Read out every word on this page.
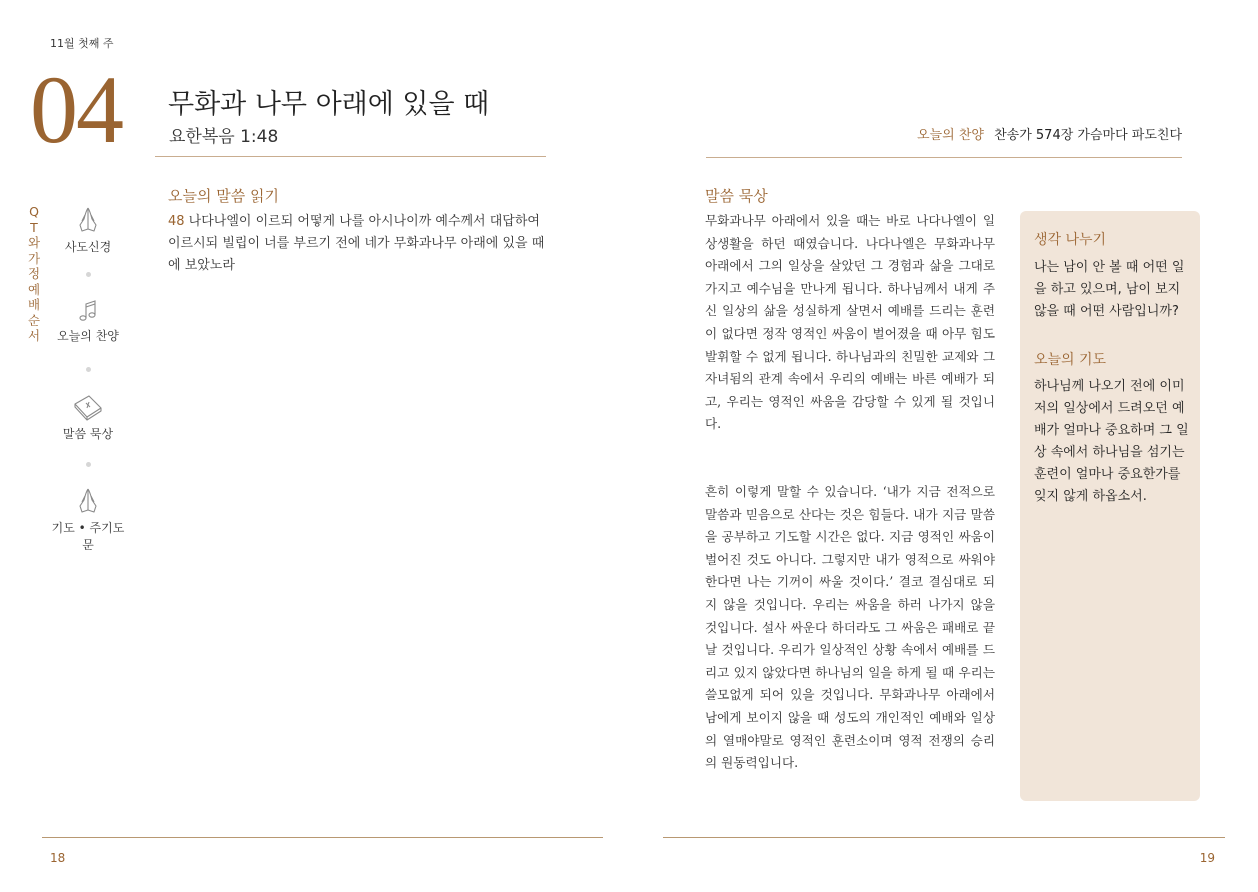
11월 첫째 주
04 무화과 나무 아래에 있을 때
요한복음 1:48	오늘의 찬양 찬송가 574장 가슴마다 파도친다
QT와 가정예배 순서
사도신경
오늘의 찬양
말씀 묵상
기도 • 주기도문
오늘의 말씀 읽기
48 나다나엘이 이르되 어떻게 나를 아시나이까 예수께서 대답하여 이르시되 빌립이 너를 부르기 전에 네가 무화과나무 아래에 있을 때에 보았노라
말씀 묵상
무화과나무 아래에서 있을 때는 바로 나다나엘이 일상생활을 하던 때였습니다. 나다나엘은 무화과나무 아래에서 그의 일상을 살았던 그 경험과 삶을 그대로 가지고 예수님을 만나게 됩니다. 하나님께서 내게 주신 일상의 삶을 성실하게 살면서 예배를 드리는 훈련이 없다면 정작 영적인 싸움이 벌어졌을 때 아무 힘도 발휘할 수 없게 됩니다. 하나님과의 친밀한 교제와 그 자녀됨의 관계 속에서 우리의 예배는 바른 예배가 되고, 우리는 영적인 싸움을 감당할 수 있게 될 것입니다.
흔히 이렇게 말할 수 있습니다. ‘내가 지금 전적으로 말씀과 믿음으로 산다는 것은 힘들다. 내가 지금 말씀을 공부하고 기도할 시간은 없다. 지금 영적인 싸움이 벌어진 것도 아니다. 그렇지만 내가 영적으로 싸워야 한다면 나는 기꺼이 싸울 것이다.’ 결코 결심대로 되지 않을 것입니다. 우리는 싸움을 하러 나가지 않을 것입니다. 설사 싸운다 하더라도 그 싸움은 패배로 끝날 것입니다. 우리가 일상적인 상황 속에서 예배를 드리고 있지 않았다면 하나님의 일을 하게 될 때 우리는 쓸모없게 되어 있을 것입니다. 무화과나무 아래에서 남에게 보이지 않을 때 성도의 개인적인 예배와 일상의 열매야말로 영적인 훈련소이며 영적 전쟁의 승리의 원동력입니다.
생각 나누기
나는 남이 안 볼 때 어떤 일을 하고 있으며, 남이 보지 않을 때 어떤 사람입니까?
오늘의 기도
하나님께 나오기 전에 이미 저의 일상에서 드려오던 예배가 얼마나 중요하며 그 일상 속에서 하나님을 섬기는 훈련이 얼마나 중요한가를 잊지 않게 하옵소서.
18	19
